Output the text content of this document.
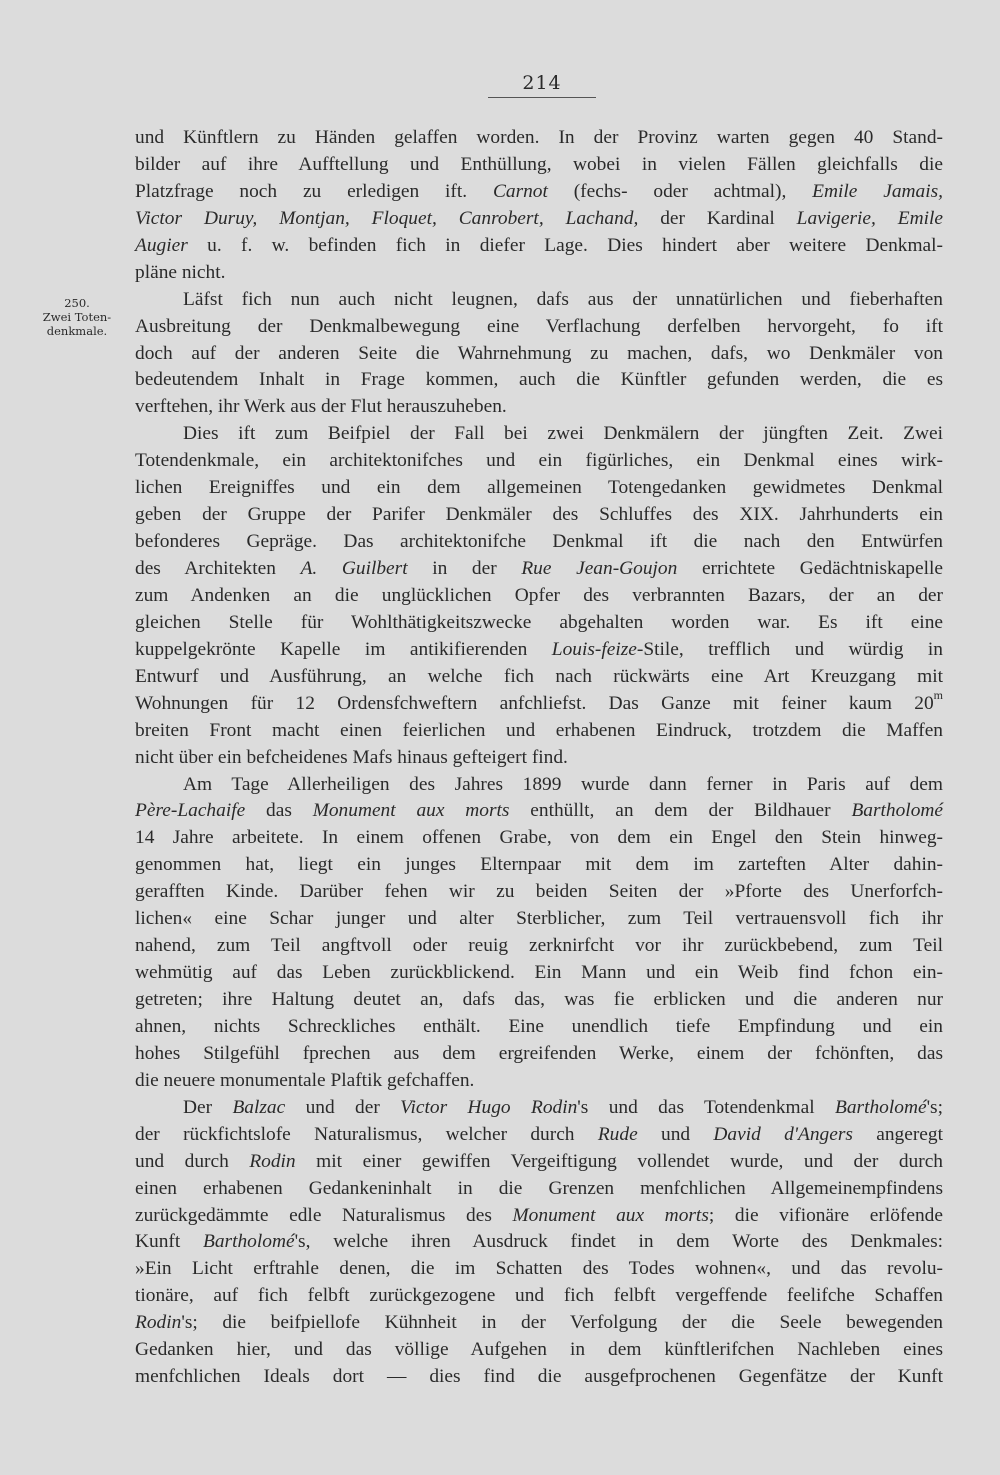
214
250.
Zwei Toten-
denkmale.

und Künftlern zu Händen gelaffen worden. In der Provinz warten gegen 40 Stand-

bilder auf ihre Aufftellung und Enthüllung, wobei in vielen Fällen gleichfalls die

Platzfrage noch zu erledigen ift. Carnot (fechs- oder achtmal), Emile Jamais,

Victor Duruy, Montjan, Floquet, Canrobert, Lachand, der Kardinal Lavigerie, Emile

Augier u. f. w. befinden fich in diefer Lage. Dies hindert aber weitere Denkmal-

pläne nicht.

Läfst fich nun auch nicht leugnen, dafs aus der unnatürlichen und fieberhaften

Ausbreitung der Denkmalbewegung eine Verflachung derfelben hervorgeht, fo ift

doch auf der anderen Seite die Wahrnehmung zu machen, dafs, wo Denkmäler von

bedeutendem Inhalt in Frage kommen, auch die Künftler gefunden werden, die es

verftehen, ihr Werk aus der Flut herauszuheben.

Dies ift zum Beifpiel der Fall bei zwei Denkmälern der jüngften Zeit. Zwei

Totendenkmale, ein architektonifches und ein figürliches, ein Denkmal eines wirk-

lichen Ereigniffes und ein dem allgemeinen Totengedanken gewidmetes Denkmal

geben der Gruppe der Parifer Denkmäler des Schluffes des XIX. Jahrhunderts ein

befonderes Gepräge. Das architektonifche Denkmal ift die nach den Entwürfen

des Architekten A. Guilbert in der Rue Jean-Goujon errichtete Gedächtniskapelle

zum Andenken an die unglücklichen Opfer des verbrannten Bazars, der an der

gleichen Stelle für Wohlthätigkeitszwecke abgehalten worden war. Es ift eine

kuppelgekrönte Kapelle im antikifierenden Louis-feize-Stile, trefflich und würdig in

Entwurf und Ausführung, an welche fich nach rückwärts eine Art Kreuzgang mit

Wohnungen für 12 Ordensfchweftern anfchliefst. Das Ganze mit feiner kaum 20$^m$

breiten Front macht einen feierlichen und erhabenen Eindruck, trotzdem die Maffen

nicht über ein befcheidenes Mafs hinaus gefteigert find.

Am Tage Allerheiligen des Jahres 1899 wurde dann ferner in Paris auf dem

Père-Lachaife das Monument aux morts enthüllt, an dem der Bildhauer Bartholomé

14 Jahre arbeitete. In einem offenen Grabe, von dem ein Engel den Stein hinweg-

genommen hat, liegt ein junges Elternpaar mit dem im zarteften Alter dahin-

gerafften Kinde. Darüber fehen wir zu beiden Seiten der »Pforte des Unerforfch-

lichen« eine Schar junger und alter Sterblicher, zum Teil vertrauensvoll fich ihr

nahend, zum Teil angftvoll oder reuig zerknirfcht vor ihr zurückbebend, zum Teil

wehmütig auf das Leben zurückblickend. Ein Mann und ein Weib find fchon ein-

getreten; ihre Haltung deutet an, dafs das, was fie erblicken und die anderen nur

ahnen, nichts Schreckliches enthält. Eine unendlich tiefe Empfindung und ein

hohes Stilgefühl fprechen aus dem ergreifenden Werke, einem der fchönften, das

die neuere monumentale Plaftik gefchaffen.

Der Balzac und der Victor Hugo Rodin's und das Totendenkmal Bartholomé's;

der rückfichtslofe Naturalismus, welcher durch Rude und David d'Angers angeregt

und durch Rodin mit einer gewiffen Vergeiftigung vollendet wurde, und der durch

einen erhabenen Gedankeninhalt in die Grenzen menfchlichen Allgemeinempfindens

zurückgedämmte edle Naturalismus des Monument aux morts; die vifionäre erlöfende

Kunft Bartholomé's, welche ihren Ausdruck findet in dem Worte des Denkmales:

»Ein Licht erftrahle denen, die im Schatten des Todes wohnen«, und das revolu-

tionäre, auf fich felbft zurückgezogene und fich felbft vergeffende feelifche Schaffen

Rodin's; die beifpiellofe Kühnheit in der Verfolgung der die Seele bewegenden

Gedanken hier, und das völlige Aufgehen in dem künftlerifchen Nachleben eines

menfchlichen Ideals dort — dies find die ausgefprochenen Gegenfätze der Kunft
